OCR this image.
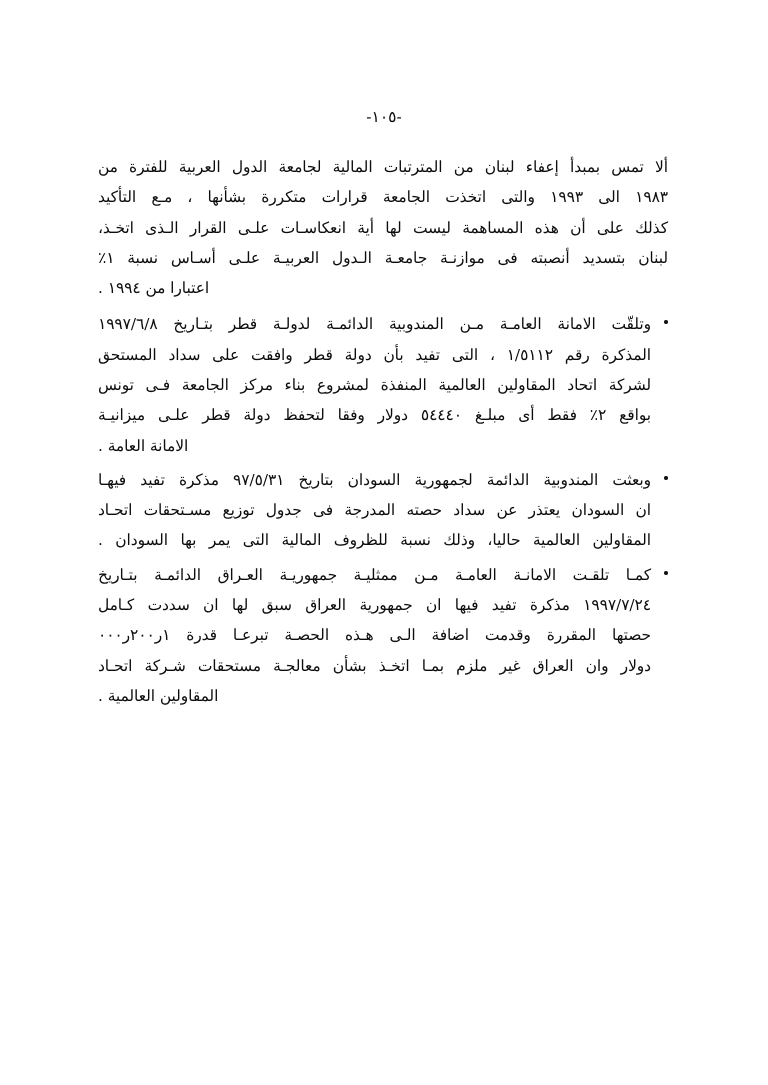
-١٠٥-

ألا تمس بمبدأ إعفاء لبنان من المترتبات المالية لجامعة الدول العربية للفترة من
١٩٨٣ الى ١٩٩٣ والتى اتخذت الجامعة قرارات متكررة بشأنها ، مـع التأكيد
كذلك على أن هذه المساهمة ليست لها أية انعكاسـات علـى القرار الـذى اتخـذ،
لبنان بتسديد أنصبته فى موازنـة جامعـة الـدول العربيـة علـى أسـاس نسبة ١٪
اعتبارا من ١٩٩٤ .

وتلقّت الامانة العامـة مـن المندوبية الدائمـة لدولـة قطر بتـاريخ ١٩٩٧/٦/٨
المذكرة رقم ١/٥١١٢ ، التى تفيد بأن دولة قطر وافقت على سداد المستحق
لشركة اتحاد المقاولين العالمية المنفذة لمشروع بناء مركز الجامعة فـى تونس
بواقع ٢٪ فقط أى مبلـغ ٥٤٤٤٠ دولار وفقا لتحفظ دولة قطر علـى ميزانيـة
الامانة العامة .
وبعثت المندوبية الدائمة لجمهورية السودان بتاريخ ٩٧/٥/٣١ مذكرة تفيد فيهـا
ان السودان يعتذر عن سداد حصته المدرجة فى جدول توزيع مسـتحقات اتحـاد
المقاولين العالمية حاليا، وذلك نسبة للظروف المالية التى يمر بها السودان .
كمـا تلقـت الامانـة العامـة مـن ممثليـة جمهوريـة العـراق الدائمـة بتـاريخ
١٩٩٧/٧/٢٤ مذكرة تفيد فيها ان جمهورية العراق سبق لها ان سددت كـامل
حصتها المقررة وقدمت اضافة الـى هـذه الحصـة تبرعـا قدرة ١ر٢٠٠ر٠٠٠
دولار وان العراق غير ملزم بمـا اتخـذ بشأن معالجـة مستحقات شـركة اتحـاد
المقاولين العالمية .
